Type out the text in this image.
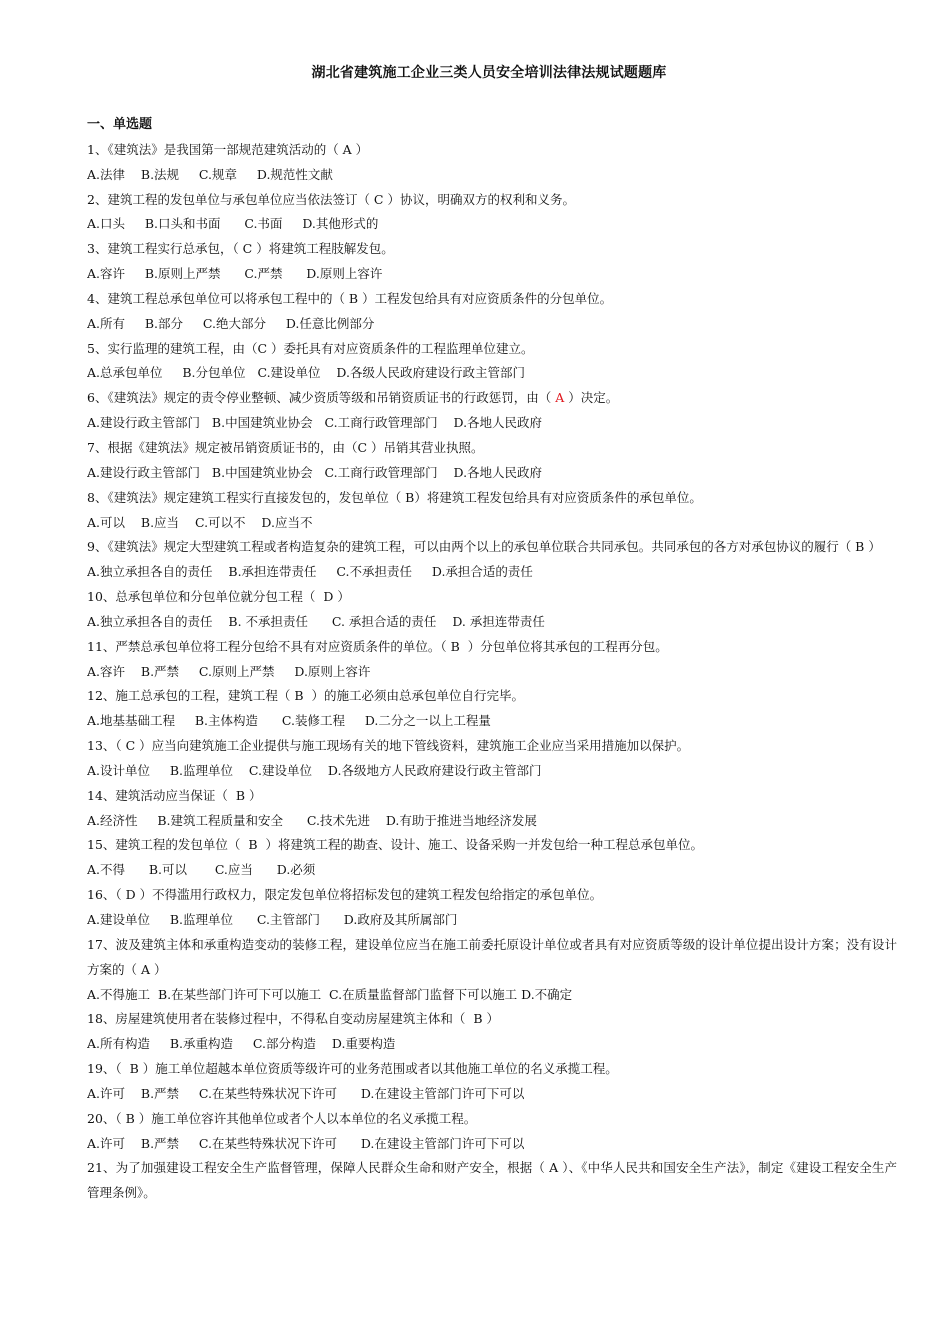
湖北省建筑施工企业三类人员安全培训法律法规试题题库
一、单选题
1、《建筑法》是我国第一部规范建筑活动的（ A ）
A.法律    B.法规     C.规章     D.规范性文献
2、建筑工程的发包单位与承包单位应当依法签订（ C ）协议，明确双方的权利和义务。
A.口头     B.口头和书面      C.书面     D.其他形式的
3、建筑工程实行总承包，（ C ）将建筑工程肢解发包。
A.容许     B.原则上严禁      C.严禁      D.原则上容许
4、建筑工程总承包单位可以将承包工程中的（ B ）工程发包给具有对应资质条件的分包单位。
A.所有     B.部分     C.绝大部分     D.任意比例部分
5、实行监理的建筑工程，由（C ）委托具有对应资质条件的工程监理单位建立。
A.总承包单位     B.分包单位   C.建设单位    D.各级人民政府建设行政主管部门
6、《建筑法》规定的责令停业整顿、减少资质等级和吊销资质证书的行政惩罚，由（ A ）决定。
A.建设行政主管部门   B.中国建筑业协会   C.工商行政管理部门    D.各地人民政府
7、根据《建筑法》规定被吊销资质证书的，由（C ）吊销其营业执照。
A.建设行政主管部门   B.中国建筑业协会   C.工商行政管理部门    D.各地人民政府
8、《建筑法》规定建筑工程实行直接发包的，发包单位（ B）将建筑工程发包给具有对应资质条件的承包单位。
A.可以    B.应当    C.可以不    D.应当不
9、《建筑法》规定大型建筑工程或者构造复杂的建筑工程，可以由两个以上的承包单位联合共同承包。共同承包的各方对承包协议的履行（ B ）
A.独立承担各自的责任    B.承担连带责任     C.不承担责任     D.承担合适的责任
10、总承包单位和分包单位就分包工程（  D ）
A.独立承担各自的责任    B. 不承担责任      C. 承担合适的责任    D. 承担连带责任
11、严禁总承包单位将工程分包给不具有对应资质条件的单位。（ B  ）分包单位将其承包的工程再分包。
A.容许    B.严禁     C.原则上严禁     D.原则上容许
12、施工总承包的工程，建筑工程（ B  ）的施工必须由总承包单位自行完毕。
A.地基基础工程     B.主体构造      C.装修工程     D.二分之一以上工程量
13、（ C ）应当向建筑施工企业提供与施工现场有关的地下管线资料，建筑施工企业应当采用措施加以保护。
A.设计单位     B.监理单位    C.建设单位    D.各级地方人民政府建设行政主管部门
14、建筑活动应当保证（  B ）
A.经济性     B.建筑工程质量和安全      C.技术先进    D.有助于推进当地经济发展
15、建筑工程的发包单位（  B  ）将建筑工程的勘查、设计、施工、设备采购一并发包给一种工程总承包单位。
A.不得      B.可以       C.应当      D.必须
16、（ D ）不得滥用行政权力，限定发包单位将招标发包的建筑工程发包给指定的承包单位。
A.建设单位     B.监理单位      C.主管部门      D.政府及其所属部门
17、波及建筑主体和承重构造变动的装修工程，建设单位应当在施工前委托原设计单位或者具有对应资质等级的设计单位提出设计方案；没有设计方案的（ A ）
A.不得施工  B.在某些部门许可下可以施工  C.在质量监督部门监督下可以施工 D.不确定
18、房屋建筑使用者在装修过程中，不得私自变动房屋建筑主体和（  B ）
A.所有构造     B.承重构造     C.部分构造    D.重要构造
19、（  B ）施工单位超越本单位资质等级许可的业务范围或者以其他施工单位的名义承揽工程。
A.许可    B.严禁     C.在某些特殊状况下许可      D.在建设主管部门许可下可以
20、（ B ）施工单位容许其他单位或者个人以本单位的名义承揽工程。
A.许可    B.严禁     C.在某些特殊状况下许可      D.在建设主管部门许可下可以
21、为了加强建设工程安全生产监督管理，保障人民群众生命和财产安全，根据（ A ）、《中华人民共和国安全生产法》，制定《建设工程安全生产管理条例》。
